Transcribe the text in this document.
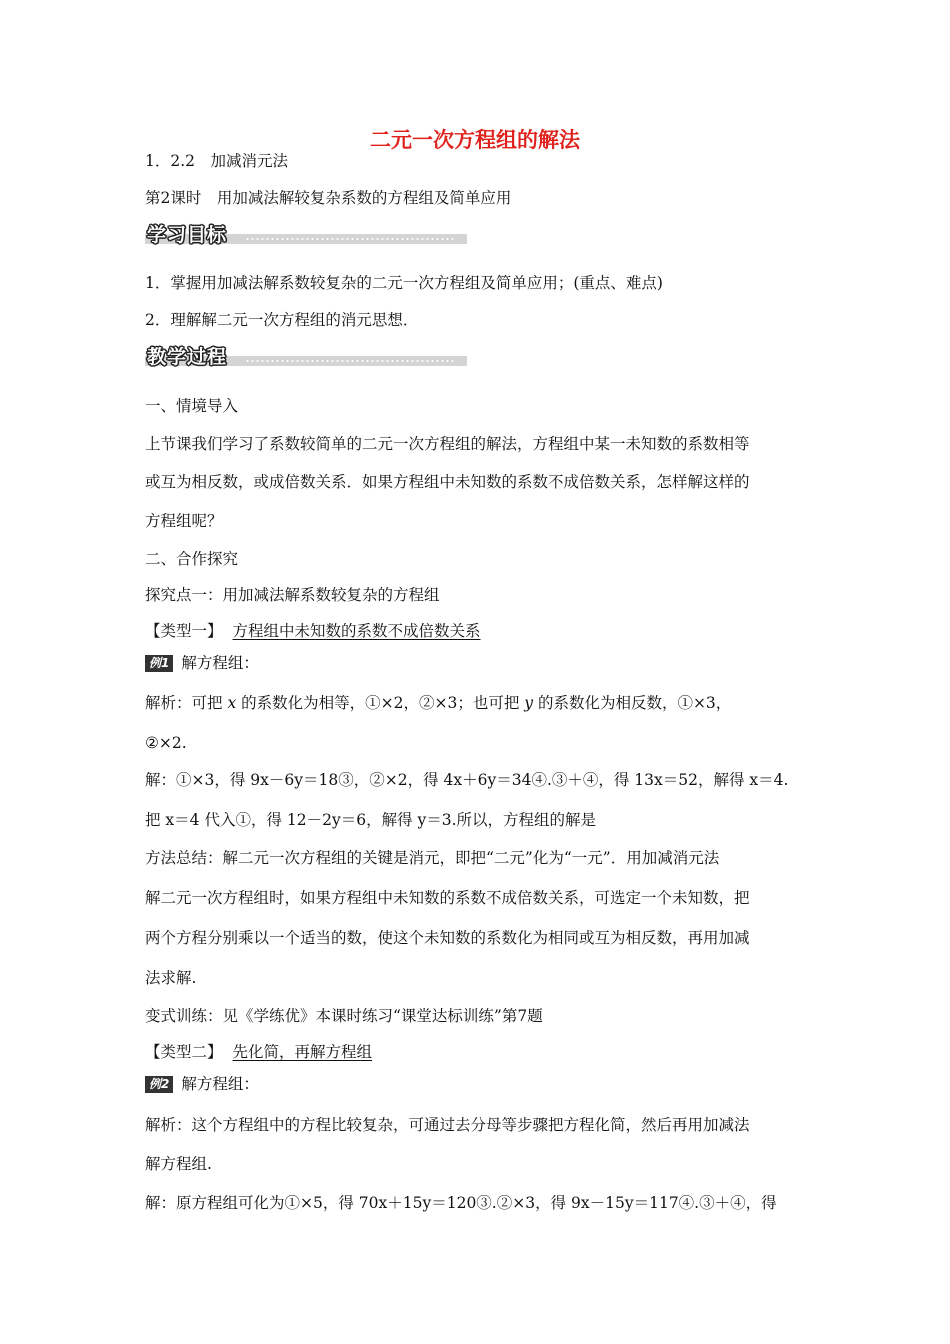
二元一次方程组的解法
1．2.2　加减消元法
第2课时　用加减法解较复杂系数的方程组及简单应用
学习目标
1．掌握用加减法解系数较复杂的二元一次方程组及简单应用；(重点、难点)
2．理解解二元一次方程组的消元思想．
教学过程
一、情境导入
上节课我们学习了系数较简单的二元一次方程组的解法，方程组中某一未知数的系数相等
或互为相反数，或成倍数关系．如果方程组中未知数的系数不成倍数关系，怎样解这样的
方程组呢？
二、合作探究
探究点一：用加减法解系数较复杂的方程组
【类型一】 方程组中未知数的系数不成倍数关系
例1 解方程组：
解析：可把 x 的系数化为相等，①×2，②×3；也可把 y 的系数化为相反数，①×3，
②×2.
解：①×3，得 9x－6y＝18③，②×2，得 4x＋6y＝34④.③＋④，得 13x＝52，解得 x＝4.
把 x＝4 代入①，得 12－2y＝6，解得 y＝3.所以，方程组的解是
方法总结：解二元一次方程组的关键是消元，即把“二元”化为“一元”．用加减消元法
解二元一次方程组时，如果方程组中未知数的系数不成倍数关系，可选定一个未知数，把
两个方程分别乘以一个适当的数，使这个未知数的系数化为相同或互为相反数，再用加减
法求解.
变式训练：见《学练优》本课时练习“课堂达标训练”第7题
【类型二】 先化简，再解方程组
例2 解方程组：
解析：这个方程组中的方程比较复杂，可通过去分母等步骤把方程化简，然后再用加减法
解方程组.
解：原方程组可化为①×5，得 70x＋15y＝120③.②×3，得 9x－15y＝117④.③＋④，得
